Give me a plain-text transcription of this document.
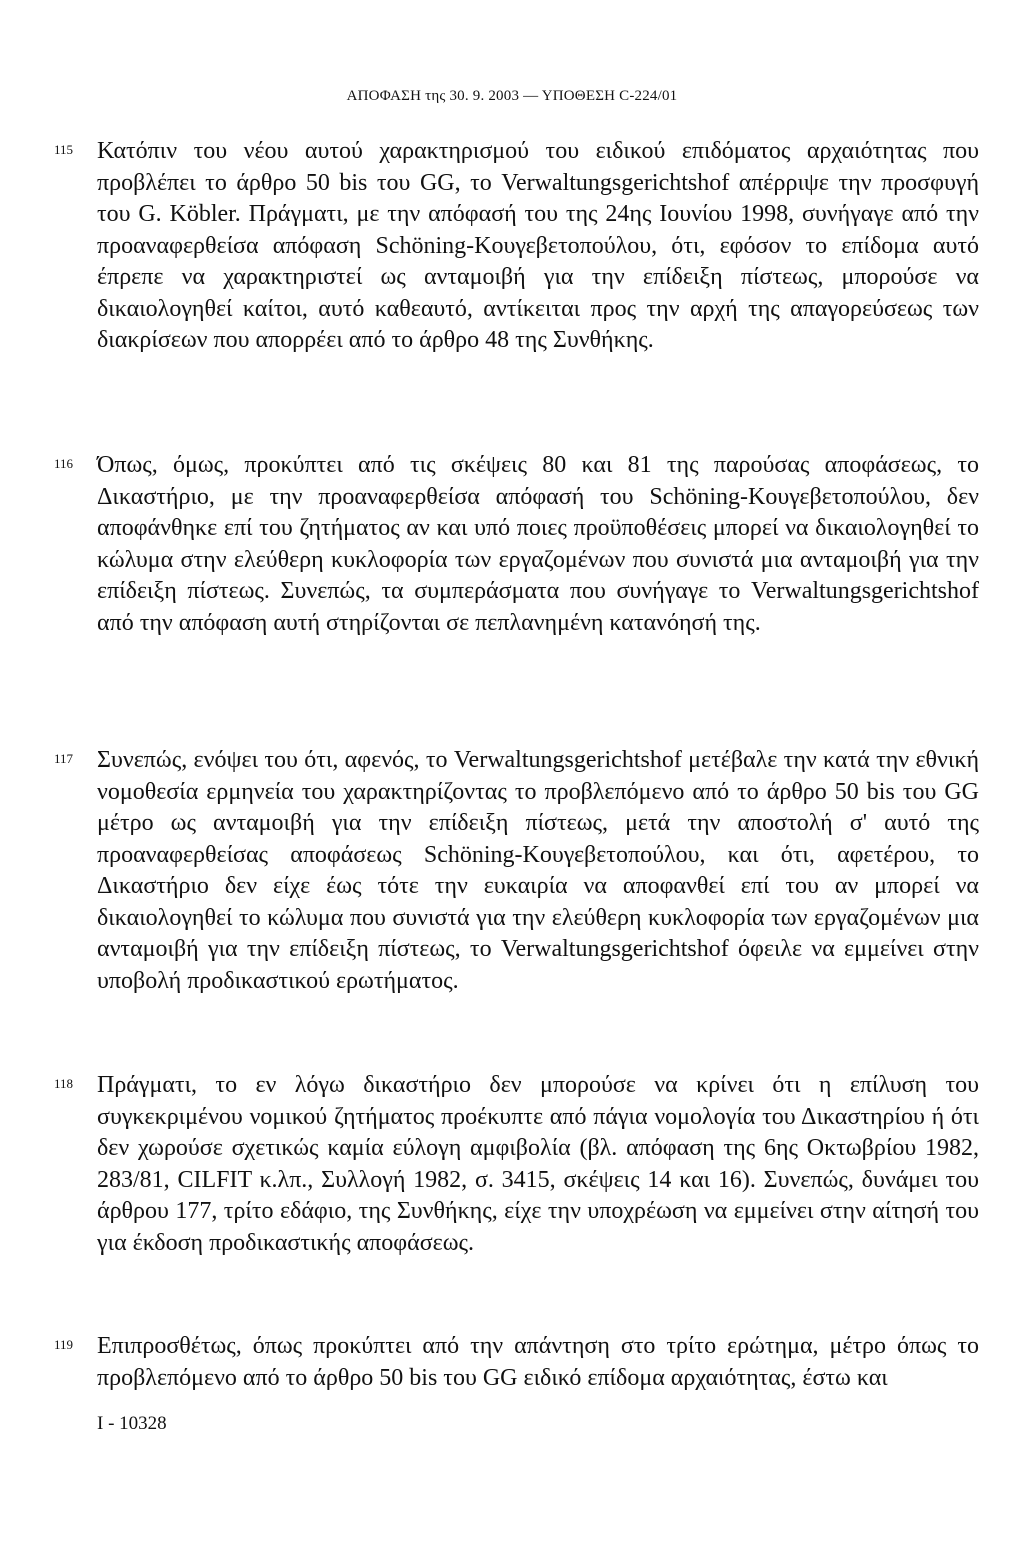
ΑΠΟΦΑΣΗ της 30. 9. 2003 — ΥΠΟΘΕΣΗ C-224/01
115 Κατόπιν του νέου αυτού χαρακτηρισμού του ειδικού επιδόματος αρχαιότητας που προβλέπει το άρθρο 50 bis του GG, το Verwaltungsgerichtshof απέρριψε την προσφυγή του G. Köbler. Πράγματι, με την απόφασή του της 24ης Ιουνίου 1998, συνήγαγε από την προαναφερθείσα απόφαση Schöning-Κουγεβετοπούλου, ότι, εφόσον το επίδομα αυτό έπρεπε να χαρακτηριστεί ως ανταμοιβή για την επίδειξη πίστεως, μπορούσε να δικαιολογηθεί καίτοι, αυτό καθεαυτό, αντίκειται προς την αρχή της απαγορεύσεως των διακρίσεων που απορρέει από το άρθρο 48 της Συνθήκης.

116 Όπως, όμως, προκύπτει από τις σκέψεις 80 και 81 της παρούσας αποφάσεως, το Δικαστήριο, με την προαναφερθείσα απόφασή του Schöning-Κουγεβετοπούλου, δεν αποφάνθηκε επί του ζητήματος αν και υπό ποιες προϋποθέσεις μπορεί να δικαιολογηθεί το κώλυμα στην ελεύθερη κυκλοφορία των εργαζομένων που συνιστά μια ανταμοιβή για την επίδειξη πίστεως. Συνεπώς, τα συμπεράσματα που συνήγαγε το Verwaltungsgerichtshof από την απόφαση αυτή στηρίζονται σε πεπλανημένη κατανόησή της.

117 Συνεπώς, ενόψει του ότι, αφενός, το Verwaltungsgerichtshof μετέβαλε την κατά την εθνική νομοθεσία ερμηνεία του χαρακτηρίζοντας το προβλεπόμενο από το άρθρο 50 bis του GG μέτρο ως ανταμοιβή για την επίδειξη πίστεως, μετά την αποστολή σ' αυτό της προαναφερθείσας αποφάσεως Schöning-Κουγεβετοπούλου, και ότι, αφετέρου, το Δικαστήριο δεν είχε έως τότε την ευκαιρία να αποφανθεί επί του αν μπορεί να δικαιολογηθεί το κώλυμα που συνιστά για την ελεύθερη κυκλοφορία των εργαζομένων μια ανταμοιβή για την επίδειξη πίστεως, το Verwaltungsgerichtshof όφειλε να εμμείνει στην υποβολή προδικαστικού ερωτήματος.

118 Πράγματι, το εν λόγω δικαστήριο δεν μπορούσε να κρίνει ότι η επίλυση του συγκεκριμένου νομικού ζητήματος προέκυπτε από πάγια νομολογία του Δικαστηρίου ή ότι δεν χωρούσε σχετικώς καμία εύλογη αμφιβολία (βλ. απόφαση της 6ης Οκτωβρίου 1982, 283/81, CILFIT κ.λπ., Συλλογή 1982, σ. 3415, σκέψεις 14 και 16). Συνεπώς, δυνάμει του άρθρου 177, τρίτο εδάφιο, της Συνθήκης, είχε την υποχρέωση να εμμείνει στην αίτησή του για έκδοση προδικαστικής αποφάσεως.

119 Επιπροσθέτως, όπως προκύπτει από την απάντηση στο τρίτο ερώτημα, μέτρο όπως το προβλεπόμενο από το άρθρο 50 bis του GG ειδικό επίδομα αρχαιότητας, έστω και

I - 10328
